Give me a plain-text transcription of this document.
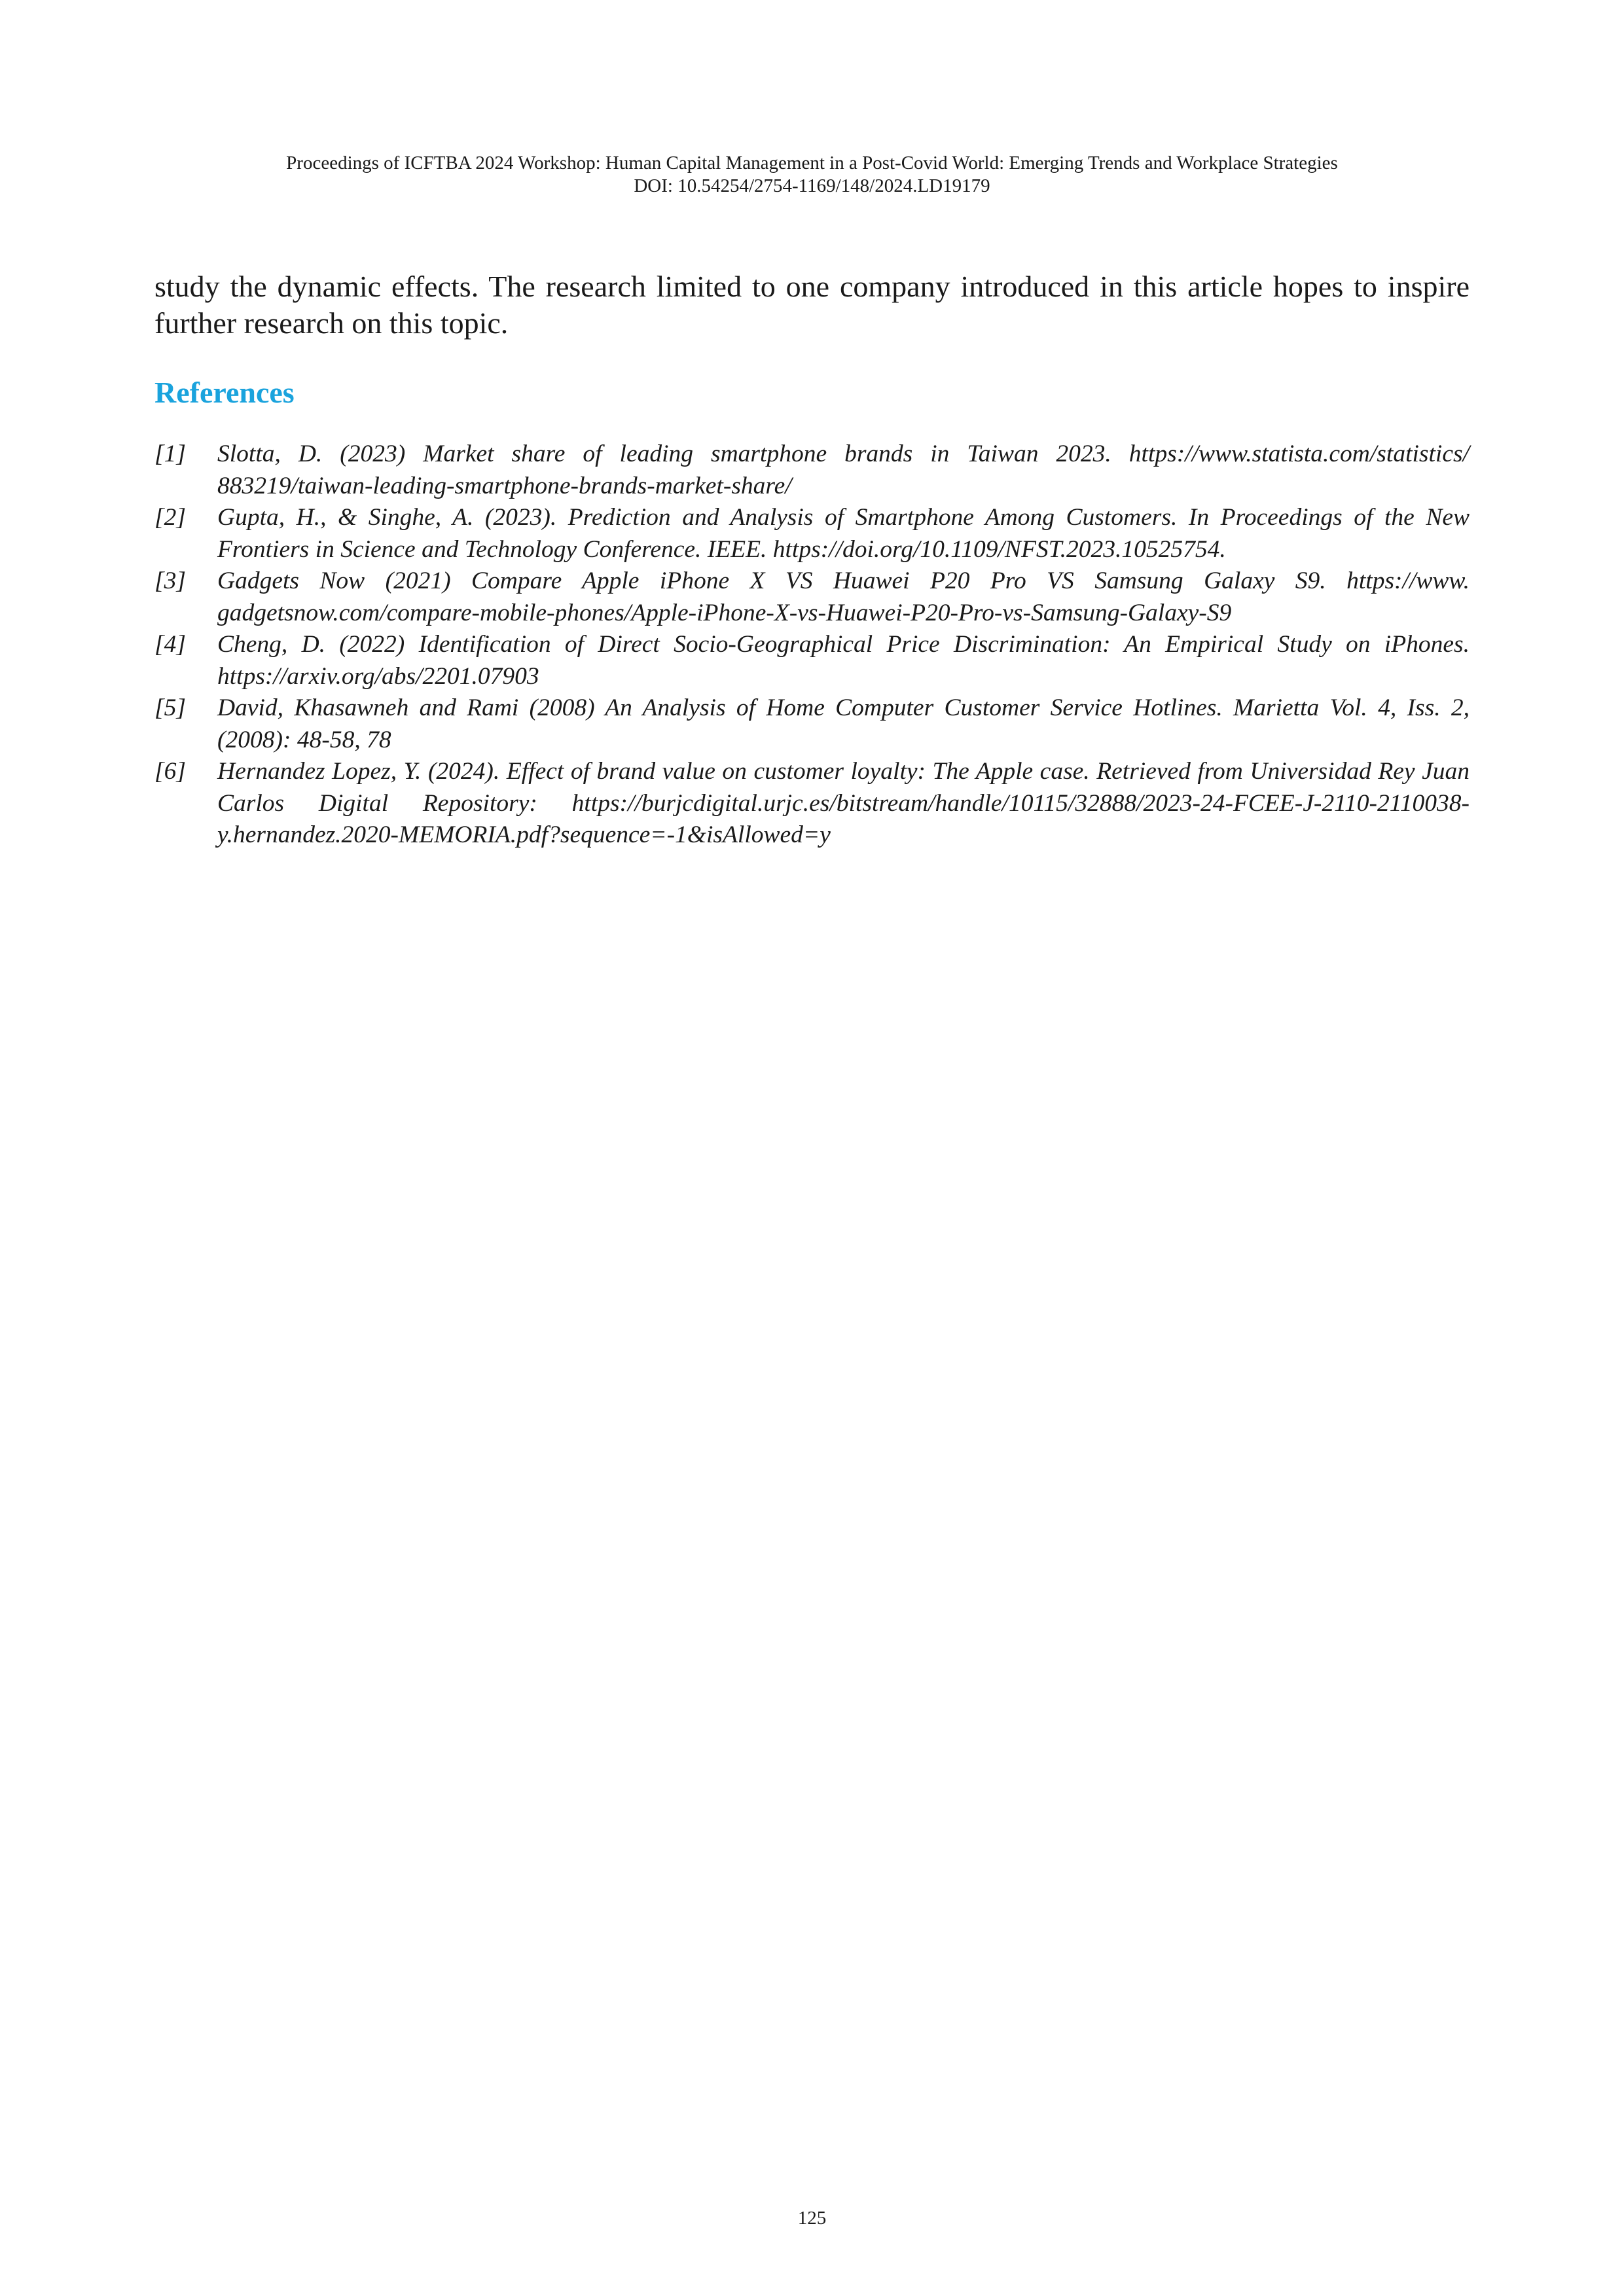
Proceedings of ICFTBA 2024 Workshop: Human Capital Management in a Post-Covid World: Emerging Trends and Workplace Strategies
DOI: 10.54254/2754-1169/148/2024.LD19179

study the dynamic effects. The research limited to one company introduced in this article hopes to inspire further research on this topic.

References
[1] Slotta, D. (2023) Market share of leading smartphone brands in Taiwan 2023. https://www.statista.com/statistics/ 883219/taiwan-leading-smartphone-brands-market-share/
[2] Gupta, H., & Singhe, A. (2023). Prediction and Analysis of Smartphone Among Customers. In Proceedings of the New Frontiers in Science and Technology Conference. IEEE. https://doi.org/10.1109/NFST.2023.10525754.
[3] Gadgets Now (2021) Compare Apple iPhone X VS Huawei P20 Pro VS Samsung Galaxy S9. https://www. gadgetsnow.com/compare-mobile-phones/Apple-iPhone-X-vs-Huawei-P20-Pro-vs-Samsung-Galaxy-S9
[4] Cheng, D. (2022) Identification of Direct Socio-Geographical Price Discrimination: An Empirical Study on iPhones. https://arxiv.org/abs/2201.07903
[5] David, Khasawneh and Rami (2008) An Analysis of Home Computer Customer Service Hotlines. Marietta Vol. 4, Iss. 2, (2008): 48-58, 78
[6] Hernandez Lopez, Y. (2024). Effect of brand value on customer loyalty: The Apple case. Retrieved from Universidad Rey Juan Carlos Digital Repository: https://burjcdigital.urjc.es/bitstream/handle/10115/32888/2023-24-FCEE-J-2110-2110038-y.hernandez.2020-MEMORIA.pdf?sequence=-1&isAllowed=y
125
